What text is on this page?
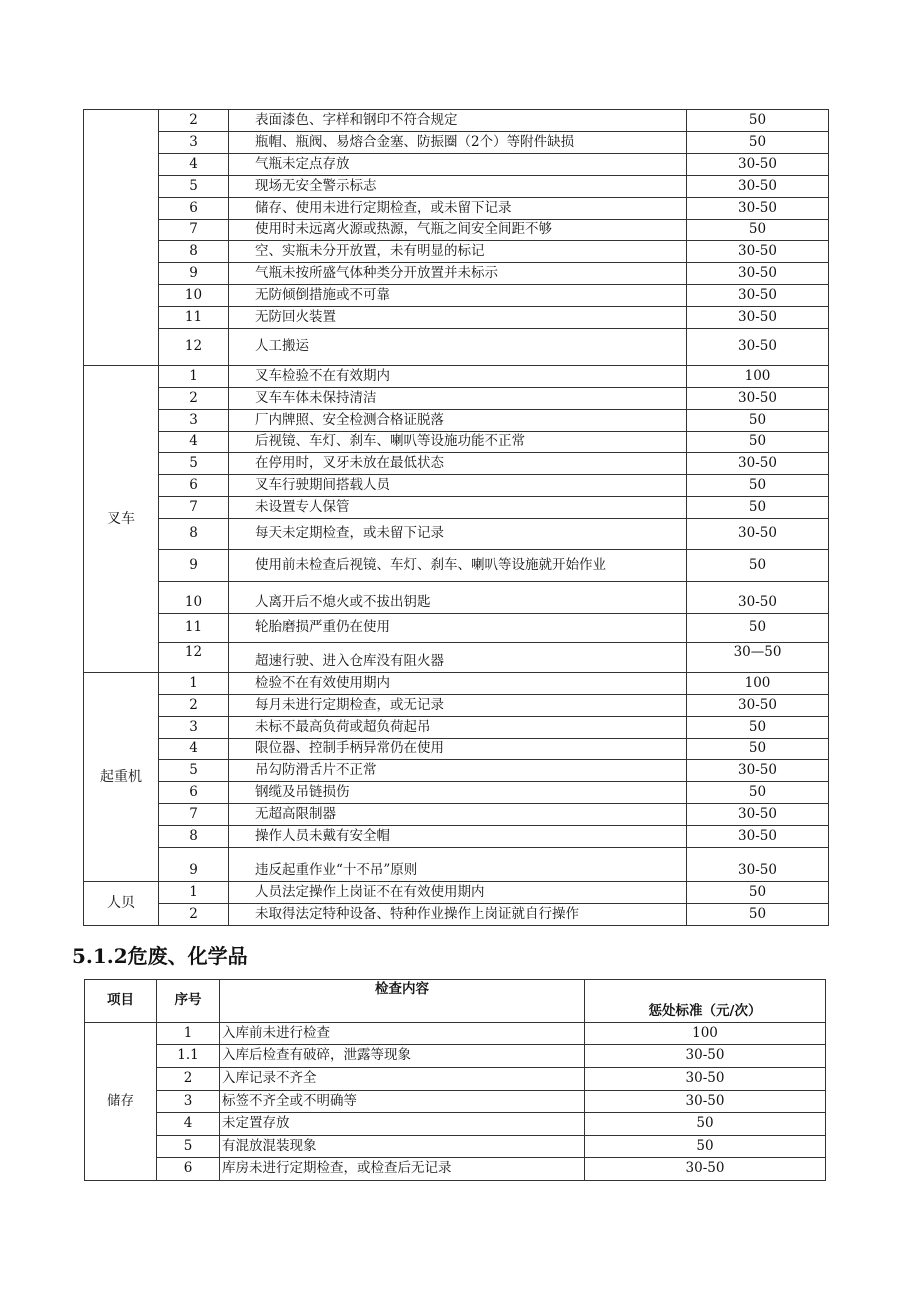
	2	表面漆色、字样和钢印不符合规定	50
	3	瓶帽、瓶阀、易熔合金塞、防振圈（2个）等附件缺损	50
	4	气瓶未定点存放	30-50
	5	现场无安全警示标志	30-50
	6	储存、使用未进行定期检查，或未留下记录	30-50
	7	使用时未远离火源或热源，气瓶之间安全间距不够	50
	8	空、实瓶未分开放置，未有明显的标记	30-50
	9	气瓶未按所盛气体种类分开放置并未标示	30-50
	10	无防倾倒措施或不可靠	30-50
	11	无防回火装置	30-50
	12	人工搬运	30-50
叉车	1	叉车检验不在有效期内	100
	2	叉车车体未保持清洁	30-50
	3	厂内牌照、安全检测合格证脱落	50
	4	后视镜、车灯、刹车、喇叭等设施功能不正常	50
	5	在停用时，叉牙未放在最低状态	30-50
	6	叉车行驶期间搭载人员	50
	7	未设置专人保管	50
	8	每天未定期检查，或未留下记录	30-50
	9	使用前未检查后视镜、车灯、刹车、喇叭等设施就开始作业	50
	10	人离开后不熄火或不拔出钥匙	30-50
	11	轮胎磨损严重仍在使用	50
	12	超速行驶、进入仓库没有阻火器	30—50
起重机	1	检验不在有效使用期内	100
	2	每月未进行定期检查，或无记录	30-50
	3	未标不最高负荷或超负荷起吊	50
	4	限位器、控制手柄异常仍在使用	50
	5	吊勾防滑舌片不正常	30-50
	6	钢缆及吊链损伤	50
	7	无超高限制器	30-50
	8	操作人员未戴有安全帽	30-50
	9	违反起重作业“十不吊”原则	30-50
人贝	1	人员法定操作上岗证不在有效使用期内	50
	2	未取得法定特种设备、特种作业操作上岗证就自行操作	50
5.1.2危废、化学品
项目	序号	检查内容	惩处标准（元/次）
储存	1	入库前未进行检查	100
	1.1	入库后检查有破碎，泄露等现象	30-50
	2	入库记录不齐全	30-50
	3	标签不齐全或不明确等	30-50
	4	未定置存放	50
	5	有混放混装现象	50
	6	库房未进行定期检查，或检查后无记录	30-50
